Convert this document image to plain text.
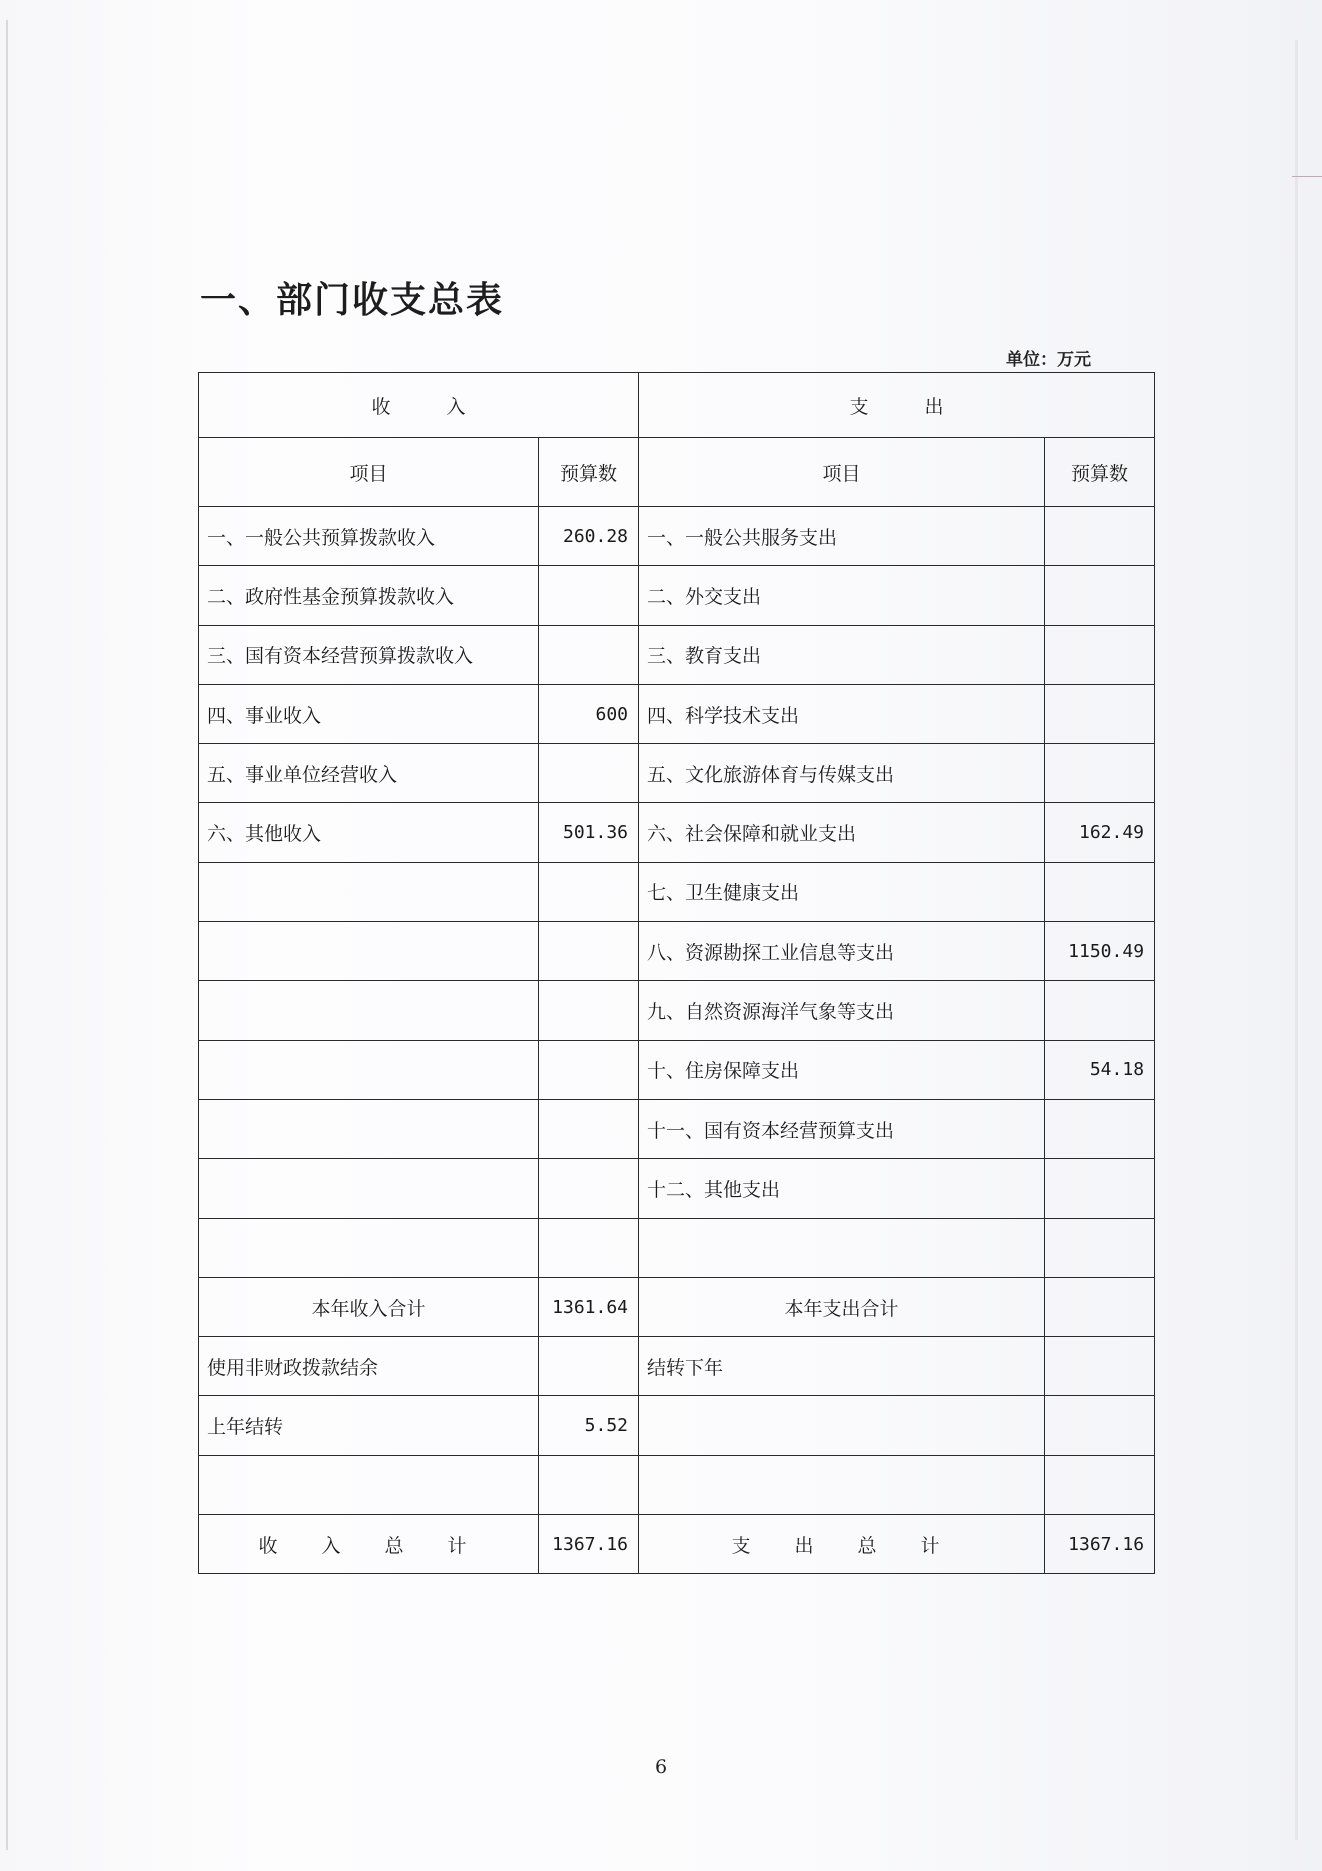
一、部门收支总表
单位：万元
收入		支出	
项目	预算数	项目	预算数
一、一般公共预算拨款收入	260.28	一、一般公共服务支出	
二、政府性基金预算拨款收入		二、外交支出	
三、国有资本经营预算拨款收入		三、教育支出	
四、事业收入	600	四、科学技术支出	
五、事业单位经营收入		五、文化旅游体育与传媒支出	
六、其他收入	501.36	六、社会保障和就业支出	162.49
		七、卫生健康支出	
		八、资源勘探工业信息等支出	1150.49
		九、自然资源海洋气象等支出	
		十、住房保障支出	54.18
		十一、国有资本经营预算支出	
		十二、其他支出	

本年收入合计	1361.64	本年支出合计	
使用非财政拨款结余		结转下年	
上年结转	5.52		

收入总计	1367.16	支出总计	1367.16
6
